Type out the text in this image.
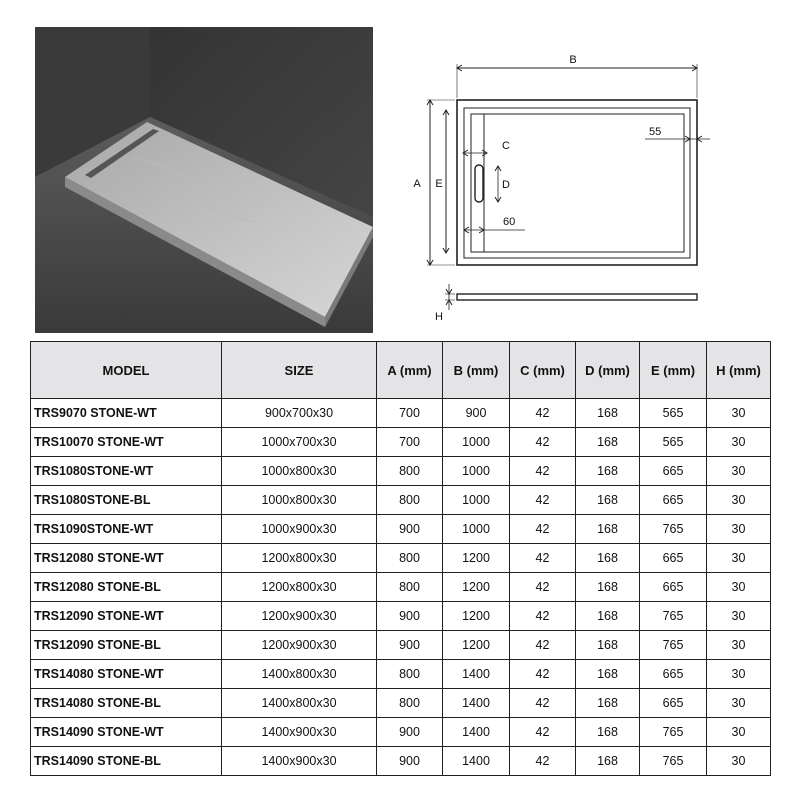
B
A E
C
D
55
60
H
MODEL	SIZE	A (mm)	B (mm)	C (mm)	D (mm)	E (mm)	H (mm)
TRS9070 STONE-WT	900x700x30	700	900	42	168	565	30
TRS10070 STONE-WT	1000x700x30	700	1000	42	168	565	30
TRS1080STONE-WT	1000x800x30	800	1000	42	168	665	30
TRS1080STONE-BL	1000x800x30	800	1000	42	168	665	30
TRS1090STONE-WT	1000x900x30	900	1000	42	168	765	30
TRS12080 STONE-WT	1200x800x30	800	1200	42	168	665	30
TRS12080 STONE-BL	1200x800x30	800	1200	42	168	665	30
TRS12090 STONE-WT	1200x900x30	900	1200	42	168	765	30
TRS12090 STONE-BL	1200x900x30	900	1200	42	168	765	30
TRS14080 STONE-WT	1400x800x30	800	1400	42	168	665	30
TRS14080 STONE-BL	1400x800x30	800	1400	42	168	665	30
TRS14090 STONE-WT	1400x900x30	900	1400	42	168	765	30
TRS14090 STONE-BL	1400x900x30	900	1400	42	168	765	30
